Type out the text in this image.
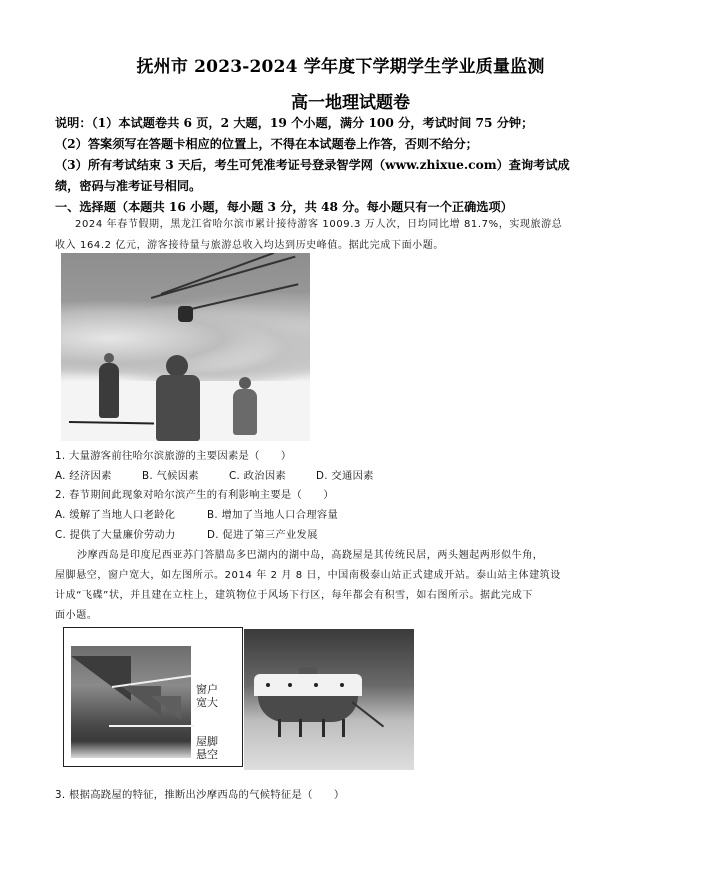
抚州市 2023-2024 学年度下学期学生学业质量监测
高一地理试题卷
说明：（1）本试题卷共 6 页，2 大题，19 个小题，满分 100 分，考试时间 75 分钟；
（2）答案须写在答题卡相应的位置上，不得在本试题卷上作答，否则不给分；
（3）所有考试结束 3 天后，考生可凭准考证号登录智学网（www.zhixue.com）查询考试成
绩，密码与准考证号相同。
一、选择题（本题共 16 小题，每小题 3 分，共 48 分。每小题只有一个正确选项）
2024 年春节假期，黑龙江省哈尔滨市累计接待游客 1009.3 万人次，日均同比增 81.7%，实现旅游总
收入 164.2 亿元，游客接待量与旅游总收入均达到历史峰值。据此完成下面小题。
1. 大量游客前往哈尔滨旅游的主要因素是（　　）
A. 经济因素	B. 气候因素	C. 政治因素	D. 交通因素
2. 春节期间此现象对哈尔滨产生的有利影响主要是（　　）
A. 缓解了当地人口老龄化	B. 增加了当地人口合理容量
C. 提供了大量廉价劳动力	D. 促进了第三产业发展
沙摩西岛是印度尼西亚苏门答腊岛多巴湖内的湖中岛，高跷屋是其传统民居，两头翘起两形似牛角，
屋脚悬空，窗户宽大，如左图所示。2014 年 2 月 8 日，中国南极泰山站正式建成开站。泰山站主体建筑设
计成“飞碟”状，并且建在立柱上，建筑物位于风场下行区，每年都会有积雪，如右图所示。据此完成下
面小题。
窗户
宽大
屋脚
悬空
3. 根据高跷屋的特征，推断出沙摩西岛的气候特征是（　　）
